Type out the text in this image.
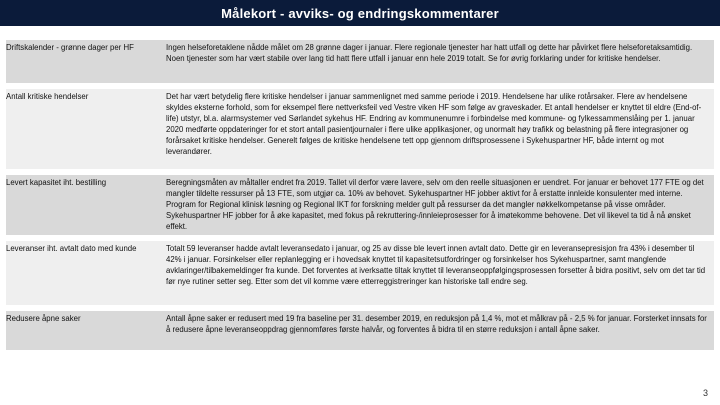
Målekort - avviks- og endringskommentarer
Driftskalender - grønne dager per HF	Ingen helseforetaklene nådde målet om 28 grønne dager i januar. Flere regionale tjenester har hatt utfall og dette har påvirket flere helseforetaksamtidig. Noen tjenester som har vært stabile over lang tid hatt flere utfall i januar enn hele 2019 totalt. Se for øvrig forklaring under for kritiske hendelser.
Antall kritiske hendelser	Det har vært betydelig flere kritiske hendelser i januar sammenlignet med samme periode i 2019. Hendelsene har ulike rotårsaker. Flere av hendelsene skyldes eksterne forhold, som for eksempel flere nettverksfeil ved Vestre viken HF som følge av graveskader. Et antall hendelser er knyttet til eldre (End-of-life) utstyr, bl.a. alarmsystemer ved Sørlandet sykehus HF. Endring av kommunenumre i forbindelse med kommune- og fylkessammenslåing per 1. januar 2020 medførte oppdateringer for et stort antall pasientjournaler i flere ulike applikasjoner, og unormalt høy trafikk og belastning på flere integrasjoner og forårsaket kritiske hendelser. Generelt følges de kritiske hendelsene tett opp gjennom driftsprosessene i Sykehuspartner HF, både internt og mot leverandører.
Levert kapasitet iht. bestilling	Beregningsmåten av måltaller endret fra 2019. Tallet vil derfor være lavere, selv om den reelle situasjonen er uendret. For januar er behovet 177 FTE og det mangler tildelte ressurser på 13 FTE, som utgjør ca. 10% av behovet. Sykehuspartner HF jobber aktivt for å erstatte innleide konsulenter med interne. Program for Regional klinisk løsning og Regional IKT for forskning melder gult på ressurser da det mangler nøkkelkompetanse på visse områder. Sykehuspartner HF jobber for å øke kapasitet, med fokus på rekruttering-/innleieprosesser for å imøtekomme behovene. Det vil likevel ta tid å nå ønsket effekt.
Leveranser iht. avtalt dato med kunde	Totalt 59 leveranser hadde avtalt leveransedato i januar, og 25 av disse ble levert innen avtalt dato. Dette gir en leveransepresisjon fra 43% i desember til 42% i januar. Forsinkelser eller replanlegging er i hovedsak knyttet til kapasitetsutfordringer og forsinkelser hos Sykehuspartner, samt manglende avklaringer/tilbakemeldinger fra kunde. Det forventes at iverksatte tiltak knyttet til leveranseoppfølgingsprosessen forsetter å bidra positivt, selv om det tar tid før nye rutiner setter seg. Etter som det vil komme være etterreggistreringer kan historiske tall endre seg.
Redusere åpne saker	Antall åpne saker er redusert med 19 fra baseline per 31. desember 2019, en reduksjon på 1,4 %, mot et målkrav på - 2,5 % for januar. Forsterket innsats for å redusere åpne leveranseoppdrag gjennomføres første halvår, og forventes å bidra til en større reduksjon i antall åpne saker.
3
